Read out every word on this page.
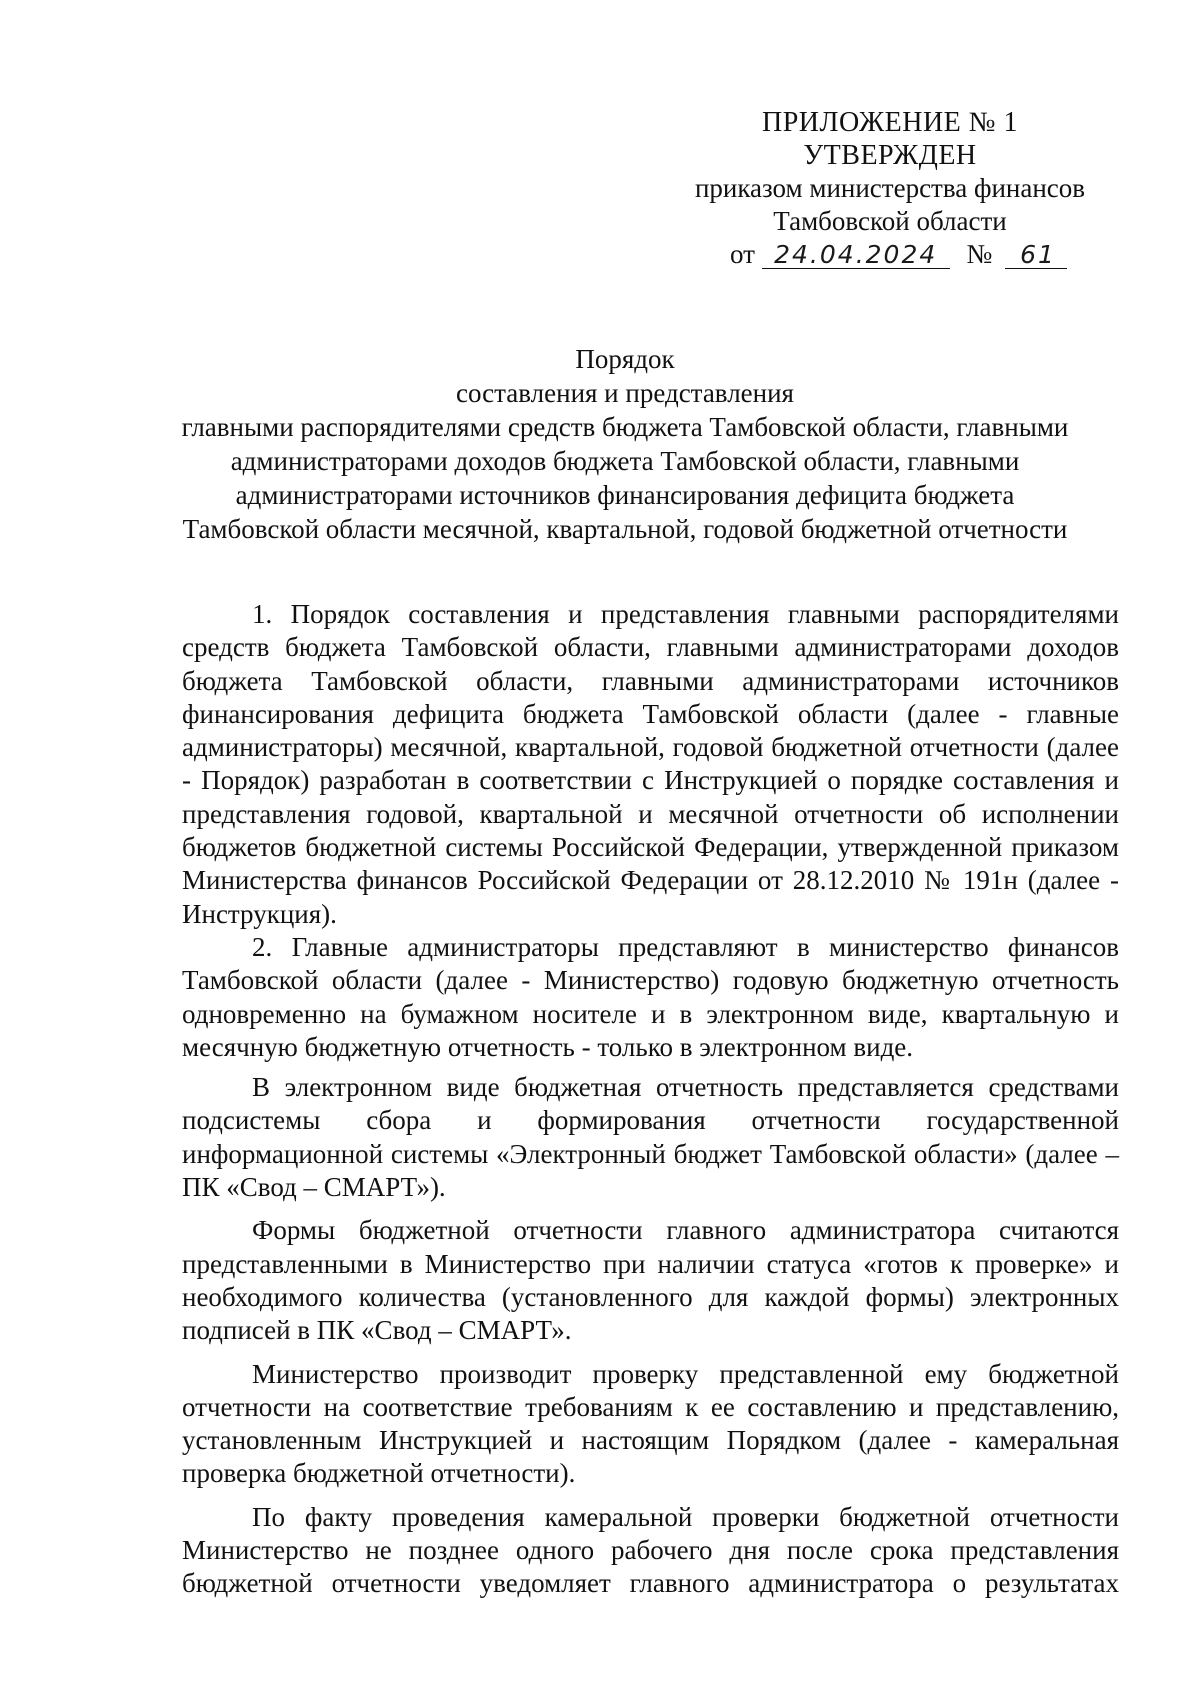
ПРИЛОЖЕНИЕ № 1
УТВЕРЖДЕН
приказом министерства финансов
Тамбовской области
от 24.04.2024 № 61
Порядок
составления и представления
главными распорядителями средств бюджета Тамбовской области, главными
администраторами доходов бюджета Тамбовской области, главными
администраторами источников финансирования дефицита бюджета
Тамбовской области месячной, квартальной, годовой бюджетной отчетности

1. Порядок составления и представления главными распорядителями средств бюджета Тамбовской области, главными администраторами доходов бюджета Тамбовской области, главными администраторами источников финансирования дефицита бюджета Тамбовской области (далее - главные администраторы) месячной, квартальной, годовой бюджетной отчетности (далее - Порядок) разработан в соответствии с Инструкцией о порядке составления и представления годовой, квартальной и месячной отчетности об исполнении бюджетов бюджетной системы Российской Федерации, утвержденной приказом Министерства финансов Российской Федерации от 28.12.2010 № 191н (далее - Инструкция).

2. Главные администраторы представляют в министерство финансов Тамбовской области (далее - Министерство) годовую бюджетную отчетность одновременно на бумажном носителе и в электронном виде, квартальную и месячную бюджетную отчетность - только в электронном виде.

В электронном виде бюджетная отчетность представляется средствами подсистемы сбора и формирования отчетности государственной информационной системы «Электронный бюджет Тамбовской области» (далее – ПК «Свод – СМАРТ»).

Формы бюджетной отчетности главного администратора считаются представленными в Министерство при наличии статуса «готов к проверке» и необходимого количества (установленного для каждой формы) электронных подписей в ПК «Свод – СМАРТ».

Министерство производит проверку представленной ему бюджетной отчетности на соответствие требованиям к ее составлению и представлению, установленным Инструкцией и настоящим Порядком (далее - камеральная проверка бюджетной отчетности).

По факту проведения камеральной проверки бюджетной отчетности Министерство не позднее одного рабочего дня после срока представления бюджетной отчетности уведомляет главного администратора о результатах
